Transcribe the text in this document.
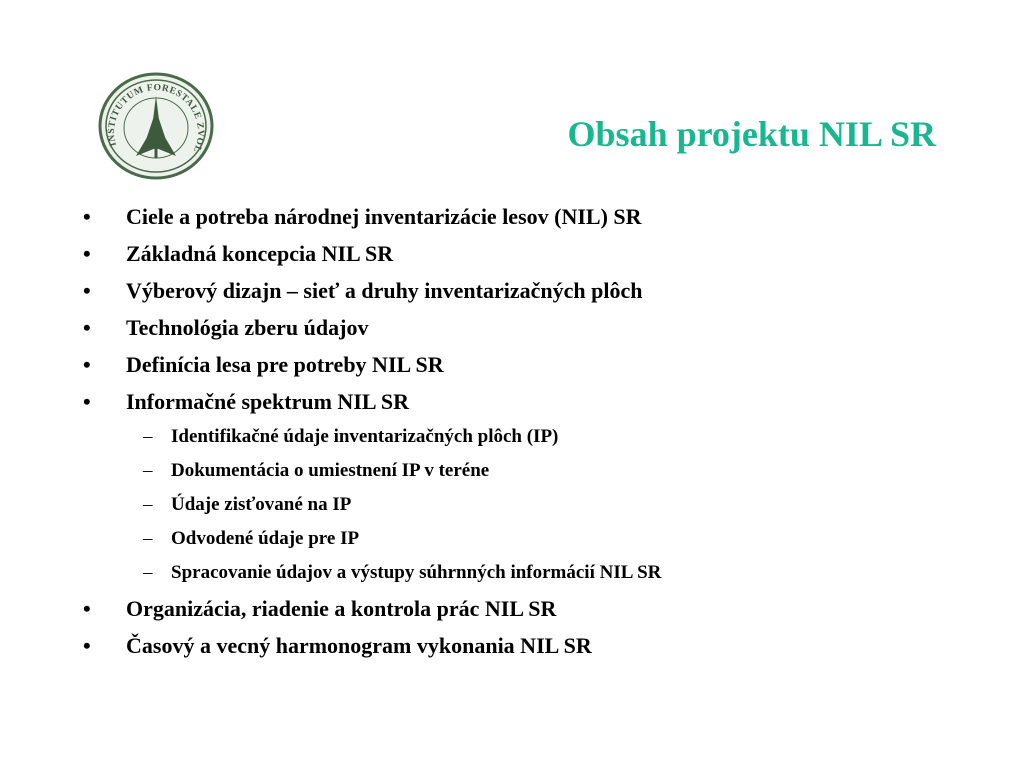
INSTITUTUM FORESTALE ZVOL	Obsah projektu NIL SR
• Ciele a potreba národnej inventarizácie lesov (NIL) SR
• Základná koncepcia NIL SR
• Výberový dizajn – sieť a druhy inventarizačných plôch
• Technológia zberu údajov
• Definícia lesa pre potreby NIL SR
• Informačné spektrum NIL SR
– Identifikačné údaje inventarizačných plôch (IP)
– Dokumentácia o umiestnení IP v teréne
– Údaje zisťované na IP
– Odvodené údaje pre IP
– Spracovanie údajov a výstupy súhrnných informácií NIL SR
• Organizácia, riadenie a kontrola prác NIL SR
• Časový a vecný harmonogram vykonania NIL SR
